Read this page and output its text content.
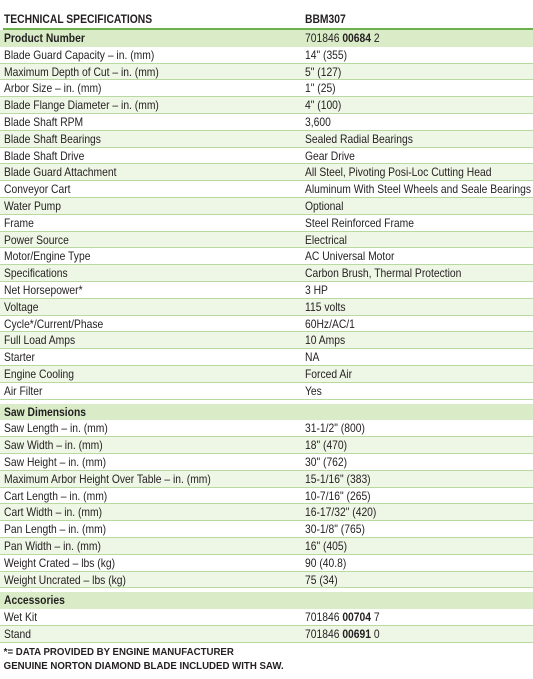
TECHNICAL SPECIFICATIONS	BBM307
Product Number	701846 00684 2
Blade Guard Capacity – in. (mm)	14" (355)
Maximum Depth of Cut – in. (mm)	5" (127)
Arbor Size – in. (mm)	1" (25)
Blade Flange Diameter – in. (mm)	4" (100)
Blade Shaft RPM	3,600
Blade Shaft Bearings	Sealed Radial Bearings
Blade Shaft Drive	Gear Drive
Blade Guard Attachment	All Steel, Pivoting Posi-Loc Cutting Head
Conveyor Cart	Aluminum With Steel Wheels and Seale Bearings
Water Pump	Optional
Frame	Steel Reinforced Frame
Power Source	Electrical
Motor/Engine Type	AC Universal Motor
Specifications	Carbon Brush, Thermal Protection
Net Horsepower*	3 HP
Voltage	115 volts
Cycle*/Current/Phase	60Hz/AC/1
Full Load Amps	10 Amps
Starter	NA
Engine Cooling	Forced Air
Air Filter	Yes
Saw Dimensions
Saw Length – in. (mm)	31-1/2" (800)
Saw Width – in. (mm)	18" (470)
Saw Height – in. (mm)	30" (762)
Maximum Arbor Height Over Table – in. (mm)	15-1/16" (383)
Cart Length – in. (mm)	10-7/16" (265)
Cart Width – in. (mm)	16-17/32" (420)
Pan Length – in. (mm)	30-1/8" (765)
Pan Width – in. (mm)	16" (405)
Weight Crated – lbs (kg)	90 (40.8)
Weight Uncrated – lbs (kg)	75 (34)
Accessories
Wet Kit	701846 00704 7
Stand	701846 00691 0
*= DATA PROVIDED BY ENGINE MANUFACTURER
GENUINE NORTON DIAMOND BLADE INCLUDED WITH SAW.
